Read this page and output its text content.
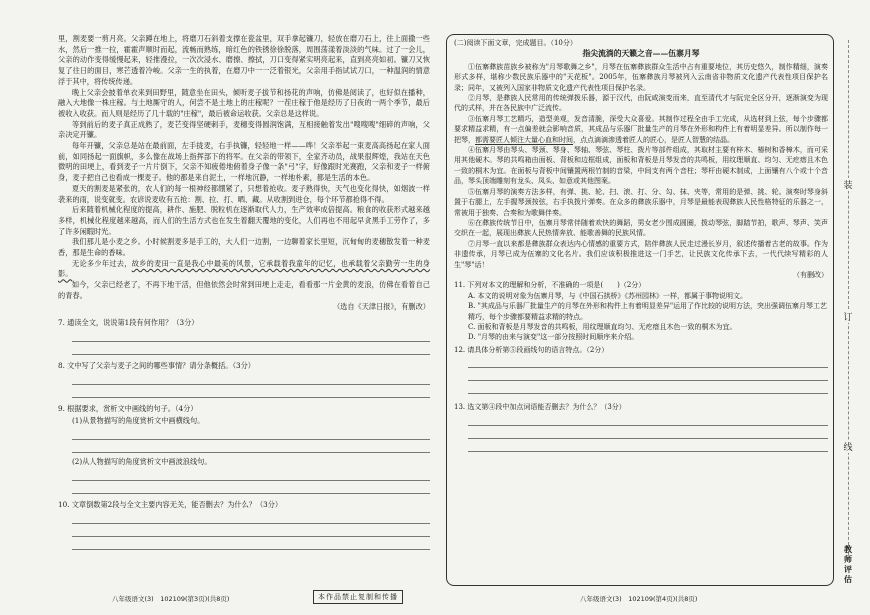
里，割麦要一剪月亮。父亲蹲在地上，将磨刀石斜着支撑在瓷盆里，双手拿起镰刀，轻放在磨刀石上，往上面撒一些水，然后一推一拉，霍霍声顺时而起，流畅而熟练，暗红色的铁锈徐徐脱落，周围荡漾着淡淡的气味。过了一会儿，父亲的动作变得缓慢起来，轻推漫拉，一次次浸水、磨擦、擦拭，刀口变得紧实明亮起来，直到亮亮如初。镰刀又恢复了往日的面目，寒芒透着冷峻。父亲一生的执着，在磨刀中一一泛着银光，父亲用手指试试刀口，一种温润的情意浮于其中，将传统传递。

晚上父亲会披着单衣来到田野里，随意坐在田头，倾听麦子拔节和扬花的声响，仿佛是阅读了，也好似在播种，融入大地像一株庄稼。与土地厮守的人，何尝不是土地上的庄稼呢？一茬庄稼于他是经历了日夜的一两个季节，最后被收入收获。而人则是经历了几十载的"庄稼"，最后被命运收获。父亲总是这样说。

等到前后的麦子真正成熟了，麦芒变得坚硬刺手，麦穗变得圆润饱满，互相接触着发出"嗖嗖嗖"细碎的声响，父亲决定开镰。

每年开镰，父亲总是站在最前面，左手拢麦，右手执镰，轻轻地一样——哗！父亲举起一束麦高高扬起在家人面前，如同扬起一面旗帜，多么像在战场上指挥部下的将军。在父亲的带领下，全家齐动员，战果很辉煌，我站在天色微明的田埂上，看到麦子一片片倒下，父亲不知疲倦地俯着身子像一条"弓"字，好像跟时光赛跑，父亲和麦子一样俯身，麦子把自己也看成一棵麦子。他的都是来自泥土，一样地沉静，一样地朴素，都是生活的本色。

夏天的割麦是紧张的，农人们的每一根神经都绷紧了，只想着抢收。麦子熟得快，天气也变化得快，如烟波一样袭来的雨，说变就变。农谚说麦收有五抢：割、拉、打、晒、藏。从收割到进仓，每个环节都抢得不得。

后来随着机械化程度的提高，耕作、施肥、脱粒机在逐渐取代人力，生产效率成倍提高。粮食的收获形式越来越多样，机械化程度越来越高，而人们的生活方式也在发生着翻天覆地的变化，人们再也不用起早贪黑手工劳作了，多了许多闲暇时光。

我们那儿是小麦之乡。小时候割麦多是手工的，大人们一边割，一边聊着家长里短，沉甸甸的麦穗散发着一种麦香，那是生命的香味。

无论多少年过去，故乡的麦田一直是我心中最美的风景，它承载着我童年的记忆，也承载着父亲勤劳一生的身影。

如今，父亲已经老了，不再下地干活，但他依然会时常到田埂上走走，看看那一片金黄的麦浪，仿佛在看着自己的青春。

（选自《天津日报》，有删改）

7. 通读全文，说说第1段有何作用？（3分）

8. 文中写了父亲与麦子之间的哪些事情？请分条概括。（3分）

9. 根据要求，赏析文中画线的句子。（4分）

(1)从景物描写的角度赏析文中画横线句。

(2)从人物描写的角度赏析文中画波浪线句。

10. 文章倒数第2段与全文主要内容无关，能否删去？为什么？（3分）

(二)阅读下面文章，完成题目。（10分）

指尖流淌的天籁之音——伍寨月琴

①伍寨彝族苗族乡被称为"月琴歌舞之乡"，月琴在伍寨彝族群众生活中占有重要地位，其历史悠久，制作精细，演奏形式多样，堪称少数民族乐器中的"天花板"。2005年，伍寨彝族月琴被列入云南省非物质文化遗产代表性项目保护名录；同年，又被列入国家非物质文化遗产代表性项目保护名录。

②月琴，是彝族人民常用的传统弹拨乐器，源于汉代，由阮咸演变而来，直至清代才与阮完全区分开，逐渐演变为现代的式样，并在各民族中广泛流传。

③伍寨月琴工艺精巧，造型美观，发音清脆，深受大众喜爱。其制作过程全由手工完成，从选材到上弦，每个步骤都要求精益求精，有一点偏差就会影响音质，其成品与乐器厂批量生产的月琴在外形和构件上有着明显差异。所以制作每一把琴，都需要匠人倾注大量心血和时间，点点滴滴渗透着匠人的匠心，是匠人智慧的结晶。

④伍寨月琴由琴头、琴颈、琴身、琴轴、琴弦、琴柱、拨片等部件组成，其取材主要有梓木、椿树和香樟木，而可采用其他硬木。琴的共鸣箱由面板、背板和边框组成，面板和背板是月琴发音的共鸣板，用纹理顺直、均匀、无疙瘩且木色一致的桐木为宜。在面板与背板中间镶置两根竹制的音梁，中间支有两个音柱；琴杆由硬木制成，上面镶有八个或十个音品，琴头顶端雕刻有龙头、凤头、如意或其他图案。

⑤伍寨月琴的演奏方法多样，有弹、挑、轮、扫、滚、打、分、勾、抹、夹等，常用的是弹、挑、轮。演奏时琴身斜置于右腿上，左手握琴颈按弦，右手执拨片弹奏。在众多的彝族乐器中，月琴是最能表现彝族人民性格特征的乐器之一，常被用于独奏、合奏和为歌舞伴奏。

⑥在彝族传统节日中，伍寨月琴常伴随着欢快的舞蹈，男女老少围成圆圈，拨动琴弦，脚踏节拍，歌声、琴声、笑声交织在一起，展现出彝族人民热情奔放、能歌善舞的民族风情。

⑦月琴一直以来都是彝族群众表达内心情感的重要方式，陪伴彝族人民走过漫长岁月，叙述传播着古老的故事。作为非遗传承，月琴已成为伍寨的文化名片。我们应该积极推进这一门手艺，让民族文化传承下去，一代代续写精彩的人生"琴"话！

（有删改）

11. 下列对本文的理解和分析，不准确的一项是(　　)（2分）

A. 本文的说明对象为伍寨月琴，与《中国石拱桥》《苏州园林》一样，都属于事物说明文。

B. "其成品与乐器厂批量生产的月琴在外形和构件上有着明显差异"运用了作比较的说明方法，突出强调伍寨月琴工艺精巧，每个步骤都要精益求精的特点。

C. 面板和背板是月琴发音的共鸣板，用纹理顺直均匀、无疙瘩且木色一致的桐木为宜。

D. "月琴的由来与演变"这一部分按照时间顺序来介绍。

12. 请具体分析第⑤段画线句的语言特点。（2分）

13. 选文第④段中加点词语能否删去？为什么？（3分）

装
订
线
教师评估
八年级语文(3)　102109(第3页)(共8页)	本作品禁止复制和传播	八年级语文(3)　102109(第4页)(共8页)
